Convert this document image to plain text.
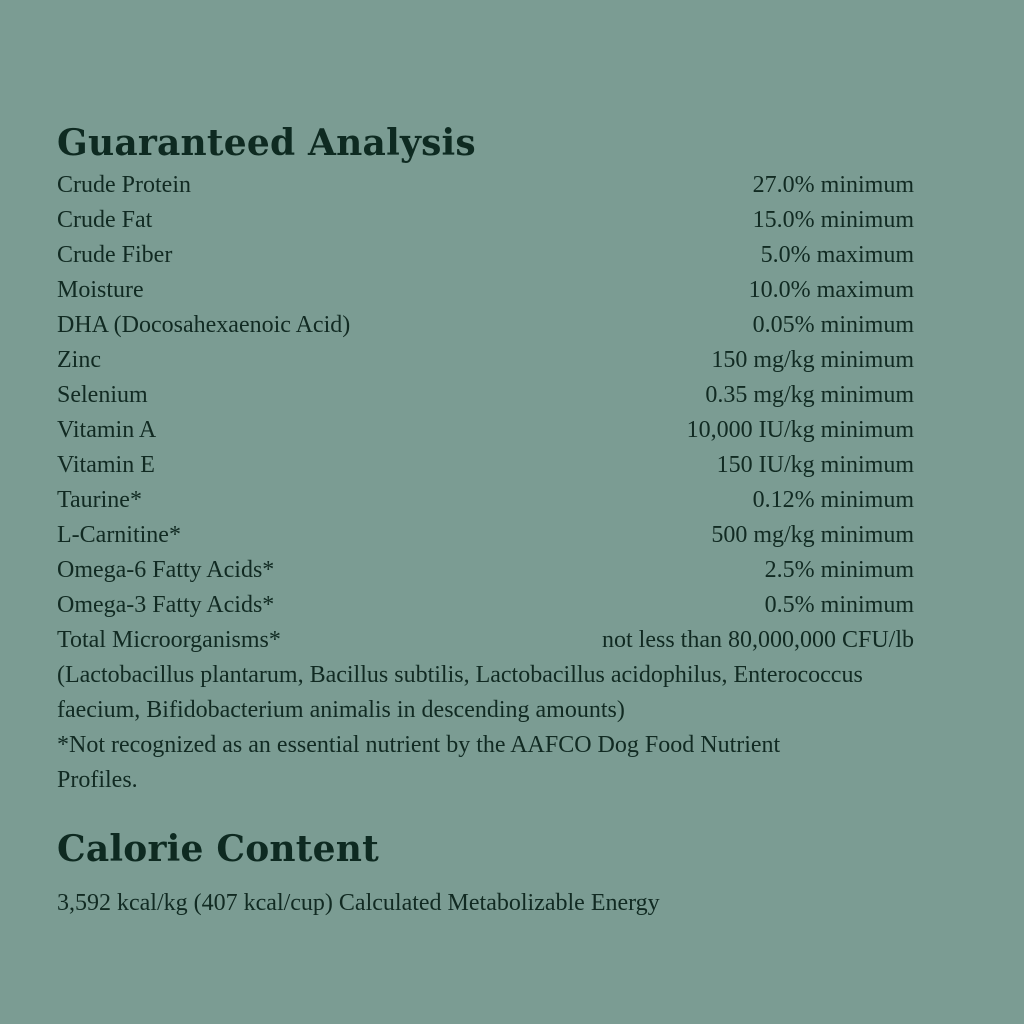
Guaranteed Analysis
Crude Protein	27.0% minimum
Crude Fat	15.0% minimum
Crude Fiber	5.0% maximum
Moisture	10.0% maximum
DHA (Docosahexaenoic Acid)	0.05% minimum
Zinc	150 mg/kg minimum
Selenium	0.35 mg/kg minimum
Vitamin A	10,000 IU/kg minimum
Vitamin E	150 IU/kg minimum
Taurine*	0.12% minimum
L-Carnitine*	500 mg/kg minimum
Omega-6 Fatty Acids*	2.5% minimum
Omega-3 Fatty Acids*	0.5% minimum
Total Microorganisms*	not less than 80,000,000 CFU/lb

(Lactobacillus plantarum, Bacillus subtilis, Lactobacillus acidophilus, Enterococcus faecium, Bifidobacterium animalis in descending amounts)

*Not recognized as an essential nutrient by the AAFCO Dog Food Nutrient Profiles.

Calorie Content

3,592 kcal/kg (407 kcal/cup) Calculated Metabolizable Energy
